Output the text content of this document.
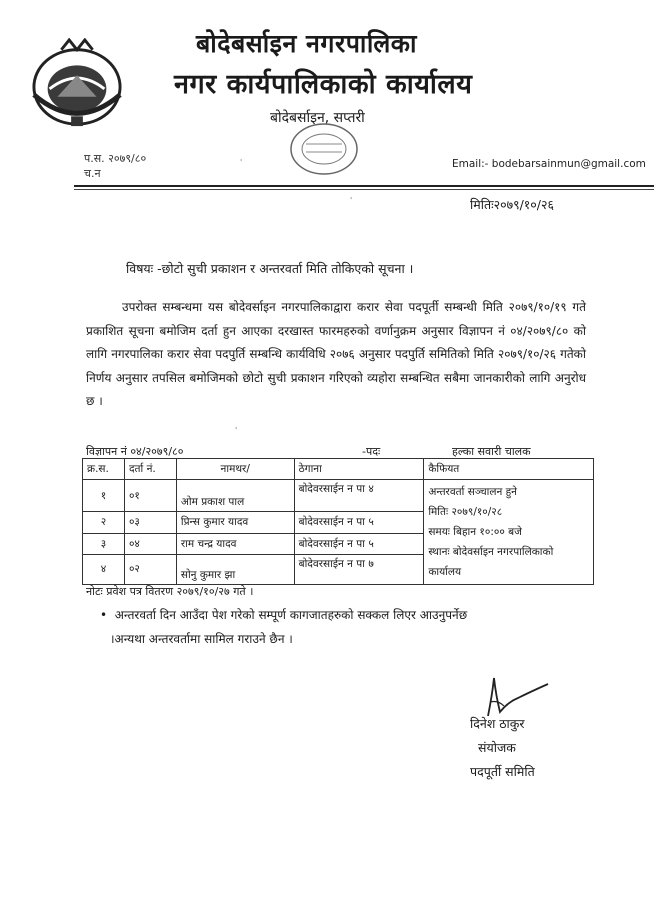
बोदेबर्साइन नगरपालिका
नगर कार्यपालिकाको कार्यालय
बोदेबर्साइन, सप्तरी
प.स. २०७९/८०
च.न
Email:- bodebarsainmun@gmail.com
मितिः२०७९/१०/२६
विषयः -छोटो सुची प्रकाशन र अन्तरवर्ता मिति तोकिएको सूचना ।
उपरोक्त सम्बन्धमा यस बोदेवर्साइन नगरपालिकाद्वारा करार सेवा पदपूर्ती सम्बन्धी मिति २०७९/१०/१९ गते प्रकाशित सूचना बमोजिम दर्ता हुन आएका दरखास्त फारमहरुको वर्णानुक्रम अनुसार विज्ञापन नं ०४/२०७९/८० को लागि नगरपालिका करार सेवा पदपुर्ति सम्बन्धि कार्यविधि २०७६ अनुसार पदपुर्ति समितिको मिति २०७९/१०/२६ गतेको निर्णय अनुसार तपसिल बमोजिमको छोटो सुची प्रकाशन गरिएको व्यहोरा सम्बन्धित सबैमा जानकारीको लागि अनुरोध छ ।
विज्ञापन नं ०४/२०७९/८०	-पदः	हल्का सवारी चालक
क्र.स.	दर्ता नं.	नामथर/	ठेगाना	कैफियत
१	०१	ओम प्रकाश पाल	बोदेवरसाईन न पा ४	अन्तरवर्ता सञ्चालन हुने
मितिः २०७९/१०/२८
समयः बिहान १०:०० बजे
स्थानः बोदेवर्साइन नगरपालिकाको
कार्यालय

२	०३	प्रिन्स कुमार यादव	बोदेवरसाईन न पा ५	
३	०४	राम चन्द्र यादव	बोदेवरसाईन न पा ५	
४	०२	सोनु कुमार झा	बोदेवरसाईन न पा ७	
नोटः प्रवेश पत्र वितरण २०७९/१०/२७ गते ।
•  अन्तरवर्ता दिन आउँदा पेश गरेको सम्पूर्ण कागजातहरुको सक्कल लिएर आउनुपर्नेछ
।अन्यथा अन्तरवर्तामा सामिल गराउने छैन ।
दिनेश ठाकुर
संयोजक
पदपूर्ती समिति
'
'
'
